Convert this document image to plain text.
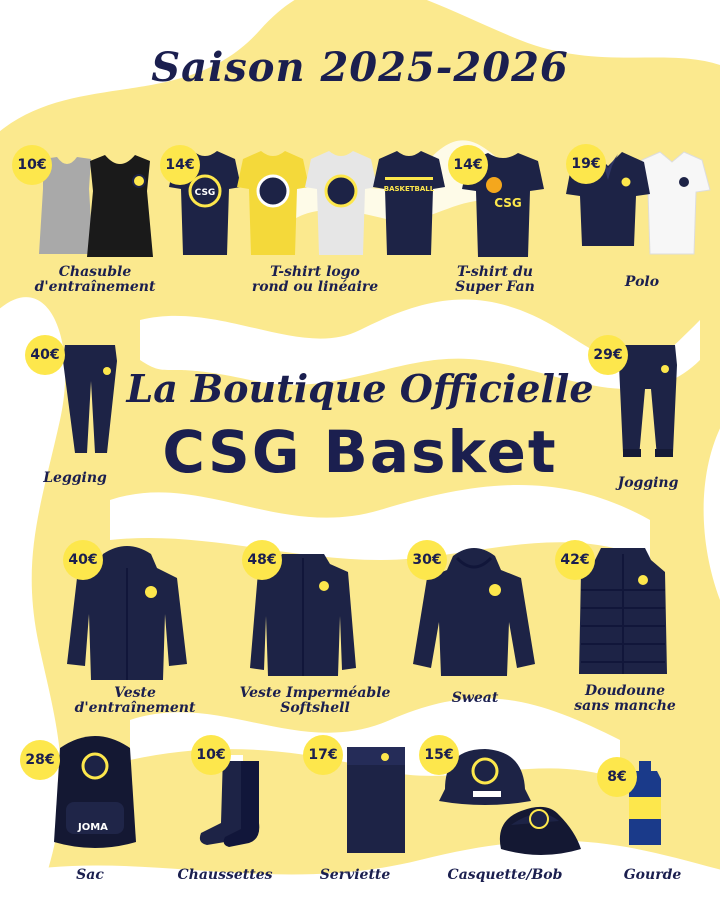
Saison 2025-2026
La Boutique Officielle
CSG Basket
10€
Chasuble
d'entraînement
CSG	BASKETBALL
14€
T-shirt logo
rond ou linéaire
CSG
14€
T-shirt du
Super Fan
19€
Polo
40€
Legging
29€
Jogging
40€
Veste
d'entraînement
48€
Veste Imperméable
Softshell
30€
Sweat
42€
Doudoune
sans manche
JOMA
28€
Sac
10€
Chaussettes
17€
Serviette
15€
Casquette/Bob
8€
Gourde
